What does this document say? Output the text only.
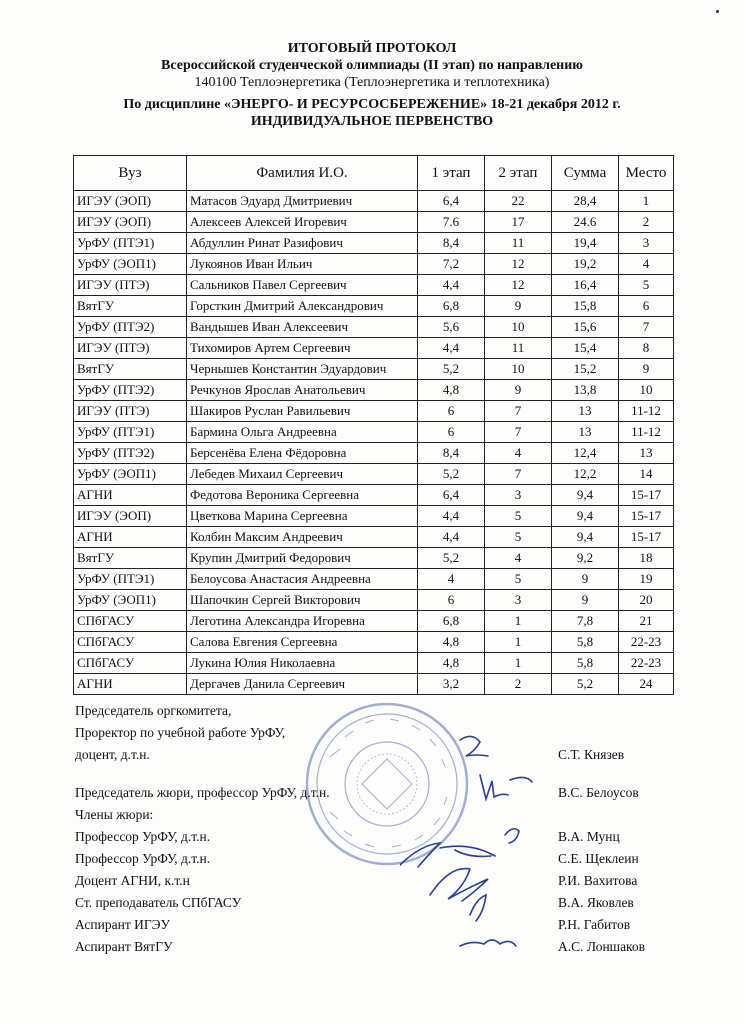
ИТОГОВЫЙ ПРОТОКОЛ
Всероссийской студенческой олимпиады (II этап) по направлению
140100 Теплоэнергетика (Теплоэнергетика и теплотехника)
По дисциплине «ЭНЕРГО- И РЕСУРСОСБЕРЕЖЕНИЕ» 18-21 декабря 2012 г.
ИНДИВИДУАЛЬНОЕ ПЕРВЕНСТВО
Вуз	Фамилия И.О.	1 этап	2 этап	Сумма	Место
ИГЭУ (ЭОП)	Матасов Эдуард Дмитриевич	6,4	22	28,4	1
ИГЭУ (ЭОП)	Алексеев Алексей Игоревич	7.6	17	24.6	2
УрФУ (ПТЭ1)	Абдуллин Ринат Разифович	8,4	11	19,4	3
УрФУ (ЭОП1)	Лукоянов Иван Ильич	7,2	12	19,2	4
ИГЭУ (ПТЭ)	Сальников Павел Сергеевич	4,4	12	16,4	5
ВятГУ	Горсткин Дмитрий Александрович	6,8	9	15,8	6
УрФУ (ПТЭ2)	Вандышев Иван Алексеевич	5,6	10	15,6	7
ИГЭУ (ПТЭ)	Тихомиров Артем Сергеевич	4,4	11	15,4	8
ВятГУ	Чернышев Константин Эдуардович	5,2	10	15,2	9
УрФУ (ПТЭ2)	Речкунов Ярослав Анатольевич	4,8	9	13,8	10
ИГЭУ (ПТЭ)	Шакиров Руслан Равильевич	6	7	13	11-12
УрФУ (ПТЭ1)	Бармина Ольга Андреевна	6	7	13	11-12
УрФУ (ПТЭ2)	Берсенёва Елена Фёдоровна	8,4	4	12,4	13
УрФУ (ЭОП1)	Лебедев Михаил Сергеевич	5,2	7	12,2	14
АГНИ	Федотова Вероника Сергеевна	6,4	3	9,4	15-17
ИГЭУ (ЭОП)	Цветкова Марина Сергеевна	4,4	5	9,4	15-17
АГНИ	Колбин Максим Андреевич	4,4	5	9,4	15-17
ВятГУ	Крупин Дмитрий Федорович	5,2	4	9,2	18
УрФУ (ПТЭ1)	Белоусова Анастасия Андреевна	4	5	9	19
УрФУ (ЭОП1)	Шапочкин Сергей Викторович	6	3	9	20
СПбГАСУ	Леготина Александра Игоревна	6,8	1	7,8	21
СПбГАСУ	Салова Евгения Сергеевна	4,8	1	5,8	22-23
СПбГАСУ	Лукина Юлия Николаевна	4,8	1	5,8	22-23
АГНИ	Дергачев Данила Сергеевич	3,2	2	5,2	24
Председатель оргкомитета,
Проректор по учебной работе УрФУ,
доцент, д.т.н.	С.Т. Князев
Председатель жюри, профессор УрФУ, д.т.н.	В.С. Белоусов
Члены жюри:
Профессор УрФУ, д.т.н.	В.А. Мунц
Профессор УрФУ, д.т.н.	С.Е. Щеклеин
Доцент АГНИ, к.т.н	Р.И. Вахитова
Ст. преподаватель СПбГАСУ	В.А. Яковлев
Аспирант ИГЭУ	Р.Н. Габитов
Аспирант ВятГУ	А.С. Лоншаков
